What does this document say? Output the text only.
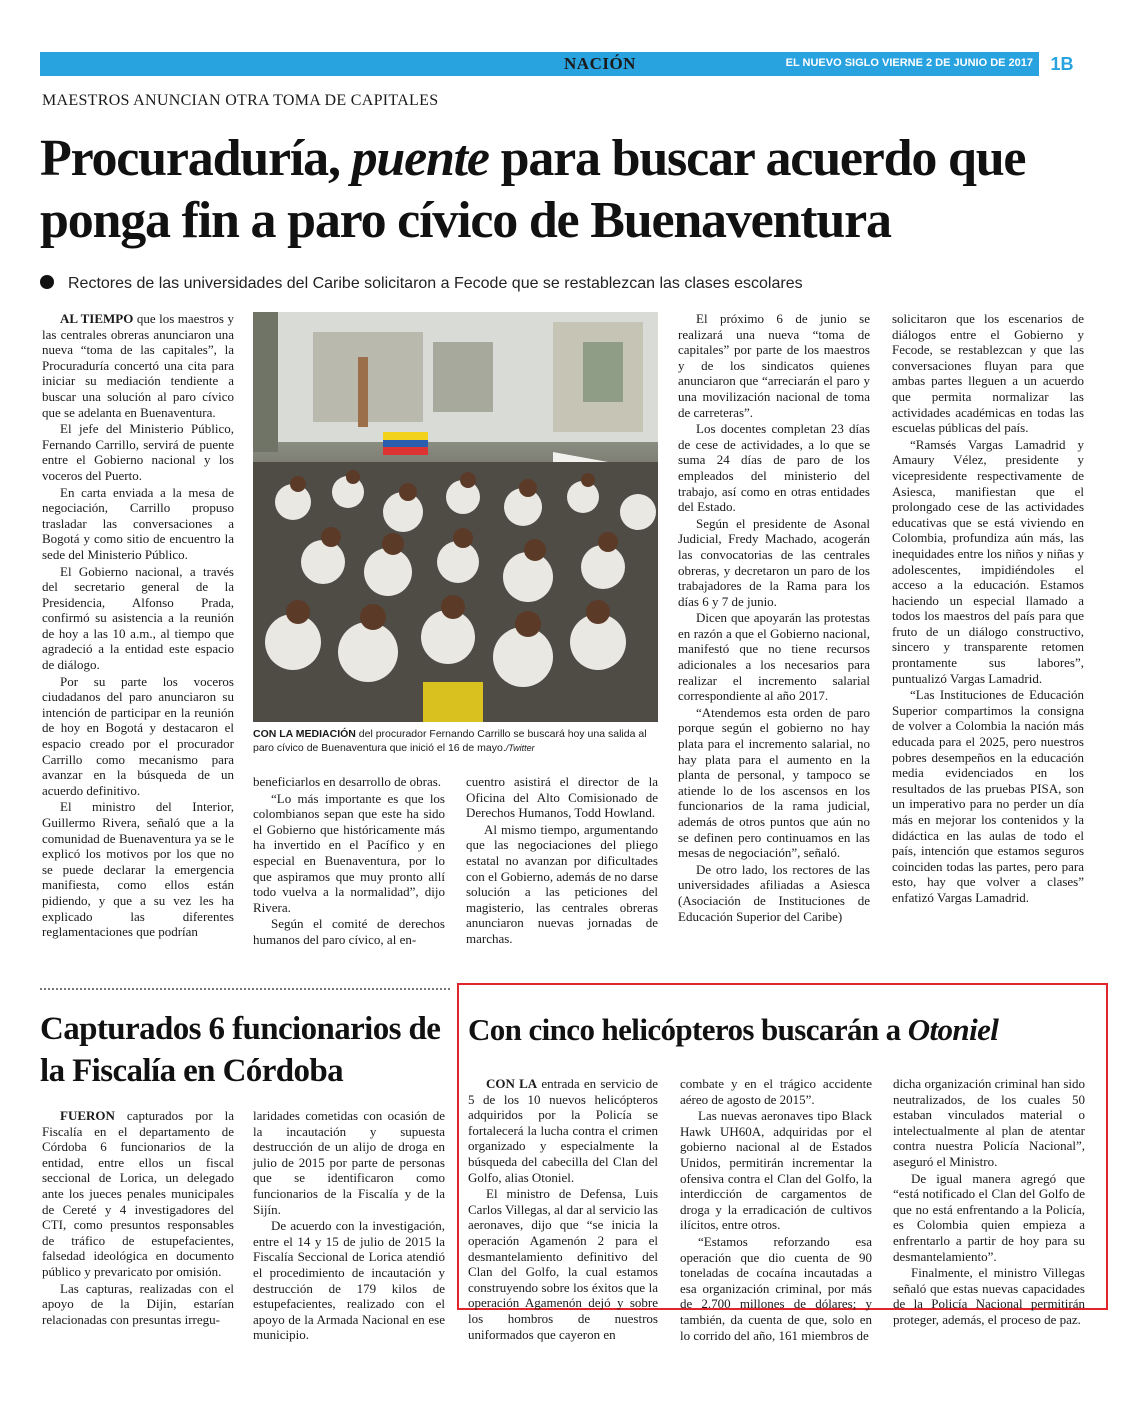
NACIÓN	EL NUEVO SIGLO VIERNE 2 DE JUNIO DE 2017 1B
MAESTROS ANUNCIAN OTRA TOMA DE CAPITALES
Procuraduría, puente para buscar acuerdo que ponga fin a paro cívico de Buenaventura
Rectores de las universidades del Caribe solicitaron a Fecode que se restablezcan las clases escolares

AL TIEMPO que los maestros y las centrales obreras anunciaron una nueva “toma de las capitales”, la Procuraduría concertó una cita para iniciar su mediación tendiente a buscar una solución al paro cívico que se adelanta en Buenaventura.

El jefe del Ministerio Público, Fernando Carrillo, servirá de puente entre el Gobierno nacional y los voceros del Puerto.

En carta enviada a la mesa de negociación, Carrillo propuso trasladar las conversaciones a Bogotá y como sitio de encuentro la sede del Ministerio Público.

El Gobierno nacional, a través del secretario general de la Presidencia, Alfonso Prada, confirmó su asistencia a la reunión de hoy a las 10 a.m., al tiempo que agradeció a la entidad este espacio de diálogo.

Por su parte los voceros ciudadanos del paro anunciaron su intención de participar en la reunión de hoy en Bogotá y destacaron el espacio creado por el procurador Carrillo como mecanismo para avanzar en la búsqueda de un acuerdo definitivo.

El ministro del Interior, Guillermo Rivera, señaló que a la comunidad de Buenaventura ya se le explicó los motivos por los que no se puede declarar la emergencia manifiesta, como ellos están pidiendo, y que a su vez les ha explicado las diferentes reglamentaciones que podrían

CON LA MEDIACIÓN del procurador Fernando Carrillo se buscará hoy una salida al paro cívico de Buenaventura que inició el 16 de mayo./Twitter

beneficiarlos en desarrollo de obras.

“Lo más importante es que los colombianos sepan que este ha sido el Gobierno que históricamente más ha invertido en el Pacífico y en especial en Buenaventura, por lo que aspiramos que muy pronto allí todo vuelva a la normalidad”, dijo Rivera.

Según el comité de derechos humanos del paro cívico, al en-

cuentro asistirá el director de la Oficina del Alto Comisionado de Derechos Humanos, Todd Howland.

Al mismo tiempo, argumentando que las negociaciones del pliego estatal no avanzan por dificultades con el Gobierno, además de no darse solución a las peticiones del magisterio, las centrales obreras anunciaron nuevas jornadas de marchas.

El próximo 6 de junio se realizará una nueva “toma de capitales” por parte de los maestros y de los sindicatos quienes anunciaron que “arreciarán el paro y una movilización nacional de toma de carreteras”.

Los docentes completan 23 días de cese de actividades, a lo que se suma 24 días de paro de los empleados del ministerio del trabajo, así como en otras entidades del Estado.

Según el presidente de Asonal Judicial, Fredy Machado, acogerán las convocatorias de las centrales obreras, y decretaron un paro de los trabajadores de la Rama para los días 6 y 7 de junio.

Dicen que apoyarán las protestas en razón a que el Gobierno nacional, manifestó que no tiene recursos adicionales a los necesarios para realizar el incremento salarial correspondiente al año 2017.

“Atendemos esta orden de paro porque según el gobierno no hay plata para el incremento salarial, no hay plata para el aumento en la planta de personal, y tampoco se atiende lo de los ascensos en los funcionarios de la rama judicial, además de otros puntos que aún no se definen pero continuamos en las mesas de negociación”, señaló.

De otro lado, los rectores de las universidades afiliadas a Asiesca (Asociación de Instituciones de Educación Superior del Caribe)

solicitaron que los escenarios de diálogos entre el Gobierno y Fecode, se restablezcan y que las conversaciones fluyan para que ambas partes lleguen a un acuerdo que permita normalizar las actividades académicas en todas las escuelas públicas del país.

“Ramsés Vargas Lamadrid y Amaury Vélez, presidente y vicepresidente respectivamente de Asiesca, manifiestan que el prolongado cese de las actividades educativas que se está viviendo en Colombia, profundiza aún más, las inequidades entre los niños y niñas y adolescentes, impidiéndoles el acceso a la educación. Estamos haciendo un especial llamado a todos los maestros del país para que fruto de un diálogo constructivo, sincero y transparente retomen prontamente sus labores”, puntualizó Vargas Lamadrid.

“Las Instituciones de Educación Superior compartimos la consigna de volver a Colombia la nación más educada para el 2025, pero nuestros pobres desempeños en la educación media evidenciados en los resultados de las pruebas PISA, son un imperativo para no perder un día más en mejorar los contenidos y la didáctica en las aulas de todo el país, intención que estamos seguros coinciden todas las partes, pero para esto, hay que volver a clases” enfatizó Vargas Lamadrid.

Capturados 6 funcionarios de la Fiscalía en Córdoba

FUERON capturados por la Fiscalía en el departamento de Córdoba 6 funcionarios de la entidad, entre ellos un fiscal seccional de Lorica, un delegado ante los jueces penales municipales de Cereté y 4 investigadores del CTI, como presuntos responsables de tráfico de estupefacientes, falsedad ideológica en documento público y prevaricato por omisión.

Las capturas, realizadas con el apoyo de la Dijin, estarían relacionadas con presuntas irregu-

laridades cometidas con ocasión de la incautación y supuesta destrucción de un alijo de droga en julio de 2015 por parte de personas que se identificaron como funcionarios de la Fiscalía y de la Sijín.

De acuerdo con la investigación, entre el 14 y 15 de julio de 2015 la Fiscalía Seccional de Lorica atendió el procedimiento de incautación y destrucción de 179 kilos de estupefacientes, realizado con el apoyo de la Armada Nacional en ese municipio.

Con cinco helicópteros buscarán a Otoniel

CON LA entrada en servicio de 5 de los 10 nuevos helicópteros adquiridos por la Policía se fortalecerá la lucha contra el crimen organizado y especialmente la búsqueda del cabecilla del Clan del Golfo, alias Otoniel.

El ministro de Defensa, Luis Carlos Villegas, al dar al servicio las aeronaves, dijo que “se inicia la operación Agamenón 2 para el desmantelamiento definitivo del Clan del Golfo, la cual estamos construyendo sobre los éxitos que la operación Agamenón dejó y sobre los hombros de nuestros uniformados que cayeron en

combate y en el trágico accidente aéreo de agosto de 2015”.

Las nuevas aeronaves tipo Black Hawk UH60A, adquiridas por el gobierno nacional al de Estados Unidos, permitirán incrementar la ofensiva contra el Clan del Golfo, la interdicción de cargamentos de droga y la erradicación de cultivos ilícitos, entre otros.

“Estamos reforzando esa operación que dio cuenta de 90 toneladas de cocaína incautadas a esa organización criminal, por más de 2.700 millones de dólares; y también, da cuenta de que, solo en lo corrido del año, 161 miembros de

dicha organización criminal han sido neutralizados, de los cuales 50 estaban vinculados material o intelectualmente al plan de atentar contra nuestra Policía Nacional”, aseguró el Ministro.

De igual manera agregó que “está notificado el Clan del Golfo de que no está enfrentando a la Policía, es Colombia quien empieza a enfrentarlo a partir de hoy para su desmantelamiento”.

Finalmente, el ministro Villegas señaló que estas nuevas capacidades de la Policía Nacional permitirán proteger, además, el proceso de paz.
